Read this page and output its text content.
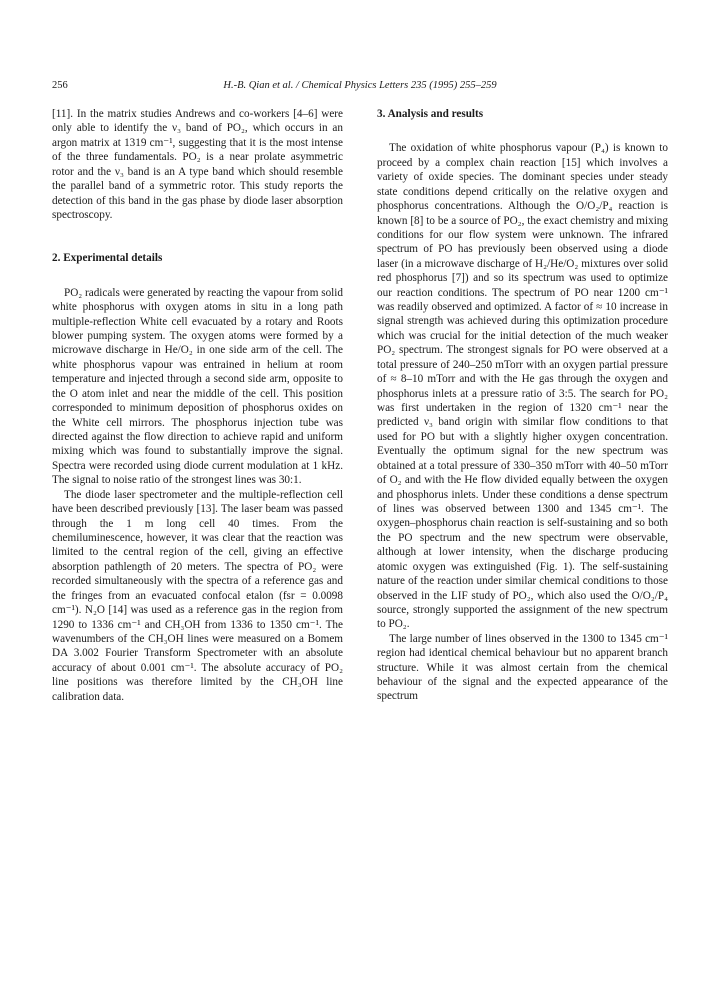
256	H.-B. Qian et al. / Chemical Physics Letters 235 (1995) 255–259

[11]. In the matrix studies Andrews and co-workers [4–6] were only able to identify the ν₃ band of PO₂, which occurs in an argon matrix at 1319 cm⁻¹, suggesting that it is the most intense of the three fundamentals. PO₂ is a near prolate asymmetric rotor and the ν₃ band is an A type band which should resemble the parallel band of a symmetric rotor. This study reports the detection of this band in the gas phase by diode laser absorption spectroscopy.

2. Experimental details

PO₂ radicals were generated by reacting the vapour from solid white phosphorus with oxygen atoms in situ in a long path multiple-reflection White cell evacuated by a rotary and Roots blower pumping system. The oxygen atoms were formed by a microwave discharge in He/O₂ in one side arm of the cell. The white phosphorus vapour was entrained in helium at room temperature and injected through a second side arm, opposite to the O atom inlet and near the middle of the cell. This position corresponded to minimum deposition of phosphorus oxides on the White cell mirrors. The phosphorus injection tube was directed against the flow direction to achieve rapid and uniform mixing which was found to substantially improve the signal. Spectra were recorded using diode current modulation at 1 kHz. The signal to noise ratio of the strongest lines was 30:1.

The diode laser spectrometer and the multiple-reflection cell have been described previously [13]. The laser beam was passed through the 1 m long cell 40 times. From the chemiluminescence, however, it was clear that the reaction was limited to the central region of the cell, giving an effective absorption pathlength of 20 meters. The spectra of PO₂ were recorded simultaneously with the spectra of a reference gas and the fringes from an evacuated confocal etalon (fsr = 0.0098 cm⁻¹). N₂O [14] was used as a reference gas in the region from 1290 to 1336 cm⁻¹ and CH₃OH from 1336 to 1350 cm⁻¹. The wavenumbers of the CH₃OH lines were measured on a Bomem DA 3.002 Fourier Transform Spectrometer with an absolute accuracy of about 0.001 cm⁻¹. The absolute accuracy of PO₂ line positions was therefore limited by the CH₃OH line calibration data.

3. Analysis and results

The oxidation of white phosphorus vapour (P₄) is known to proceed by a complex chain reaction [15] which involves a variety of oxide species. The dominant species under steady state conditions depend critically on the relative oxygen and phosphorus concentrations. Although the O/O₂/P₄ reaction is known [8] to be a source of PO₂, the exact chemistry and mixing conditions for our flow system were unknown. The infrared spectrum of PO has previously been observed using a diode laser (in a microwave discharge of H₂/He/O₂ mixtures over solid red phosphorus [7]) and so its spectrum was used to optimize our reaction conditions. The spectrum of PO near 1200 cm⁻¹ was readily observed and optimized. A factor of ≈ 10 increase in signal strength was achieved during this optimization procedure which was crucial for the initial detection of the much weaker PO₂ spectrum. The strongest signals for PO were observed at a total pressure of 240–250 mTorr with an oxygen partial pressure of ≈ 8–10 mTorr and with the He gas through the oxygen and phosphorus inlets at a pressure ratio of 3:5. The search for PO₂ was first undertaken in the region of 1320 cm⁻¹ near the predicted ν₃ band origin with similar flow conditions to that used for PO but with a slightly higher oxygen concentration. Eventually the optimum signal for the new spectrum was obtained at a total pressure of 330–350 mTorr with 40–50 mTorr of O₂ and with the He flow divided equally between the oxygen and phosphorus inlets. Under these conditions a dense spectrum of lines was observed between 1300 and 1345 cm⁻¹. The oxygen–phosphorus chain reaction is self-sustaining and so both the PO spectrum and the new spectrum were observable, although at lower intensity, when the discharge producing atomic oxygen was extinguished (Fig. 1). The self-sustaining nature of the reaction under similar chemical conditions to those observed in the LIF study of PO₂, which also used the O/O₂/P₄ source, strongly supported the assignment of the new spectrum to PO₂.

The large number of lines observed in the 1300 to 1345 cm⁻¹ region had identical chemical behaviour but no apparent branch structure. While it was almost certain from the chemical behaviour of the signal and the expected appearance of the spectrum
